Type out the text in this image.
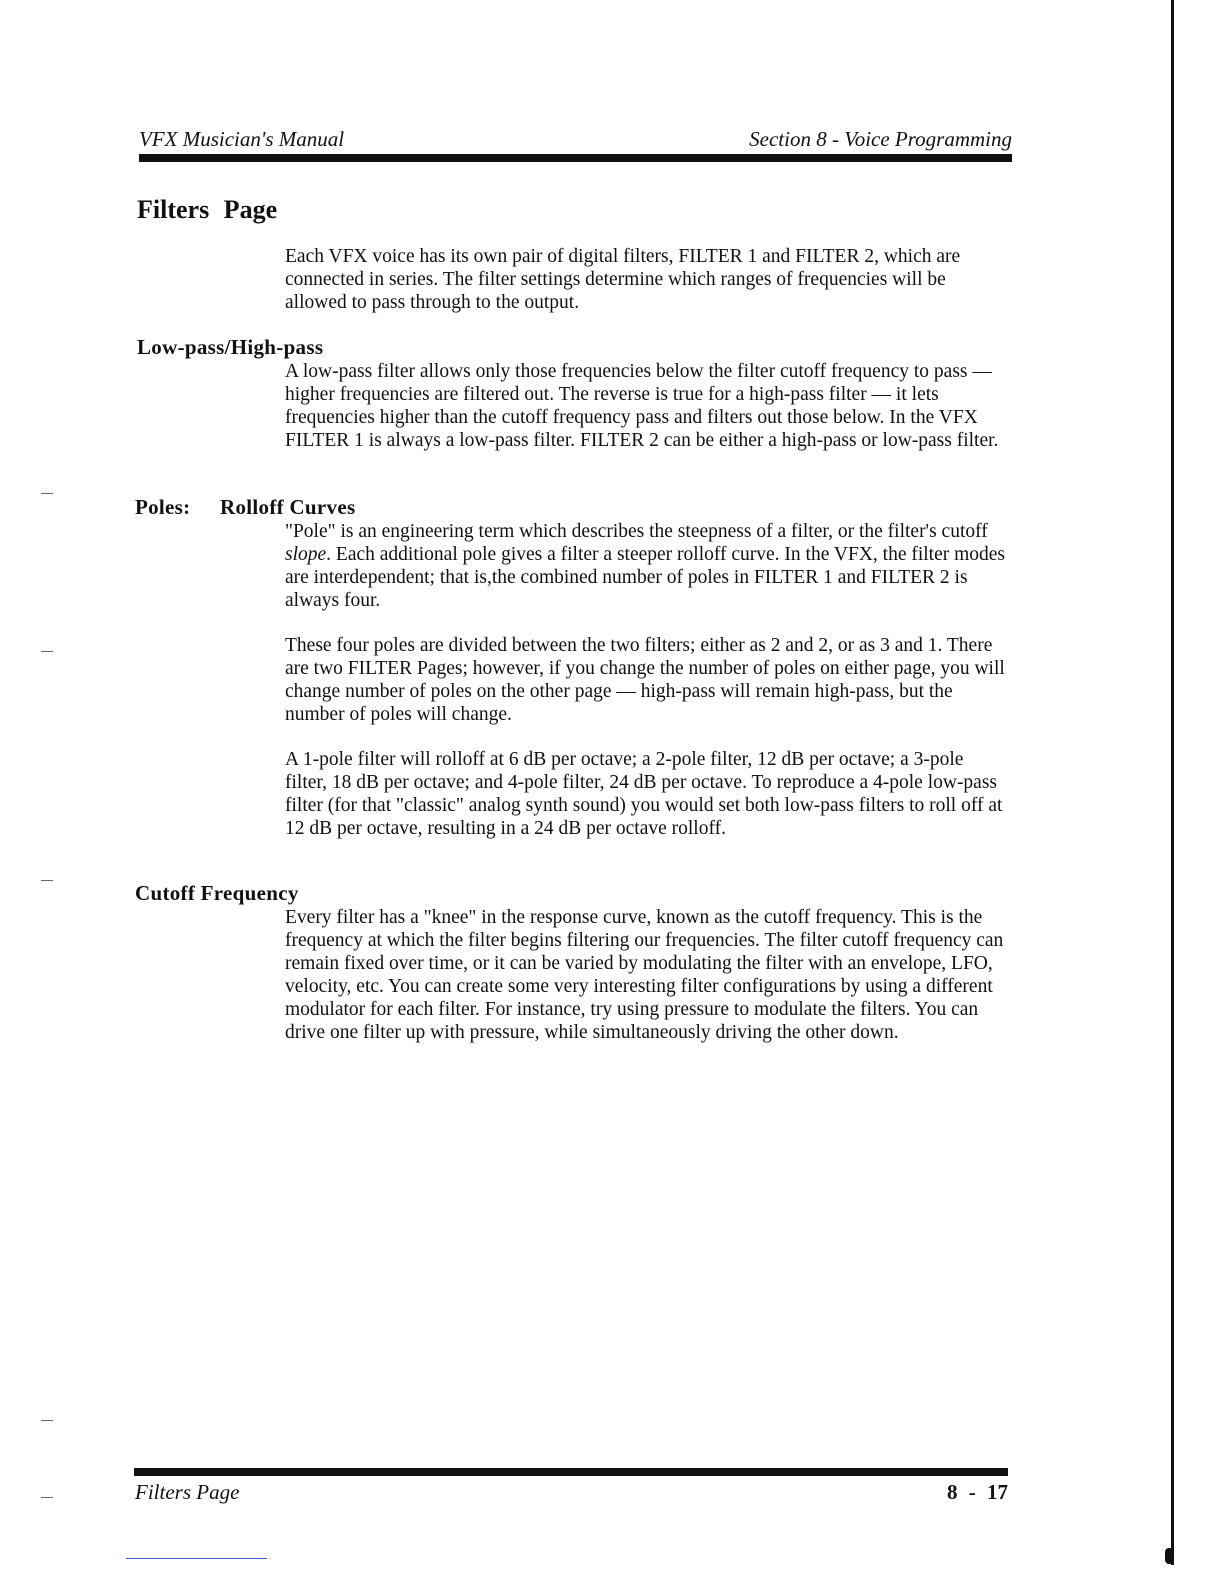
VFX Musician's Manual	Section 8 - Voice Programming
Filters Page

Each VFX voice has its own pair of digital filters, FILTER 1 and FILTER 2, which are connected in series. The filter settings determine which ranges of frequencies will be allowed to pass through to the output.

Low-pass/High-pass

A low-pass filter allows only those frequencies below the filter cutoff frequency to pass — higher frequencies are filtered out. The reverse is true for a high-pass filter — it lets frequencies higher than the cutoff frequency pass and filters out those below. In the VFX FILTER 1 is always a low-pass filter. FILTER 2 can be either a high-pass or low-pass filter.

Poles: Rolloff Curves

"Pole" is an engineering term which describes the steepness of a filter, or the filter's cutoff slope. Each additional pole gives a filter a steeper rolloff curve. In the VFX, the filter modes are interdependent; that is,the combined number of poles in FILTER 1 and FILTER 2 is always four.

These four poles are divided between the two filters; either as 2 and 2, or as 3 and 1. There are two FILTER Pages; however, if you change the number of poles on either page, you will change number of poles on the other page — high-pass will remain high-pass, but the number of poles will change.

A 1-pole filter will rolloff at 6 dB per octave; a 2-pole filter, 12 dB per octave; a 3-pole filter, 18 dB per octave; and 4-pole filter, 24 dB per octave. To reproduce a 4-pole low-pass filter (for that "classic" analog synth sound) you would set both low-pass filters to roll off at 12 dB per octave, resulting in a 24 dB per octave rolloff.

Cutoff Frequency

Every filter has a "knee" in the response curve, known as the cutoff frequency. This is the frequency at which the filter begins filtering our frequencies. The filter cutoff frequency can remain fixed over time, or it can be varied by modulating the filter with an envelope, LFO, velocity, etc. You can create some very interesting filter configurations by using a different modulator for each filter. For instance, try using pressure to modulate the filters. You can drive one filter up with pressure, while simultaneously driving the other down.

Filters Page	8 - 17
